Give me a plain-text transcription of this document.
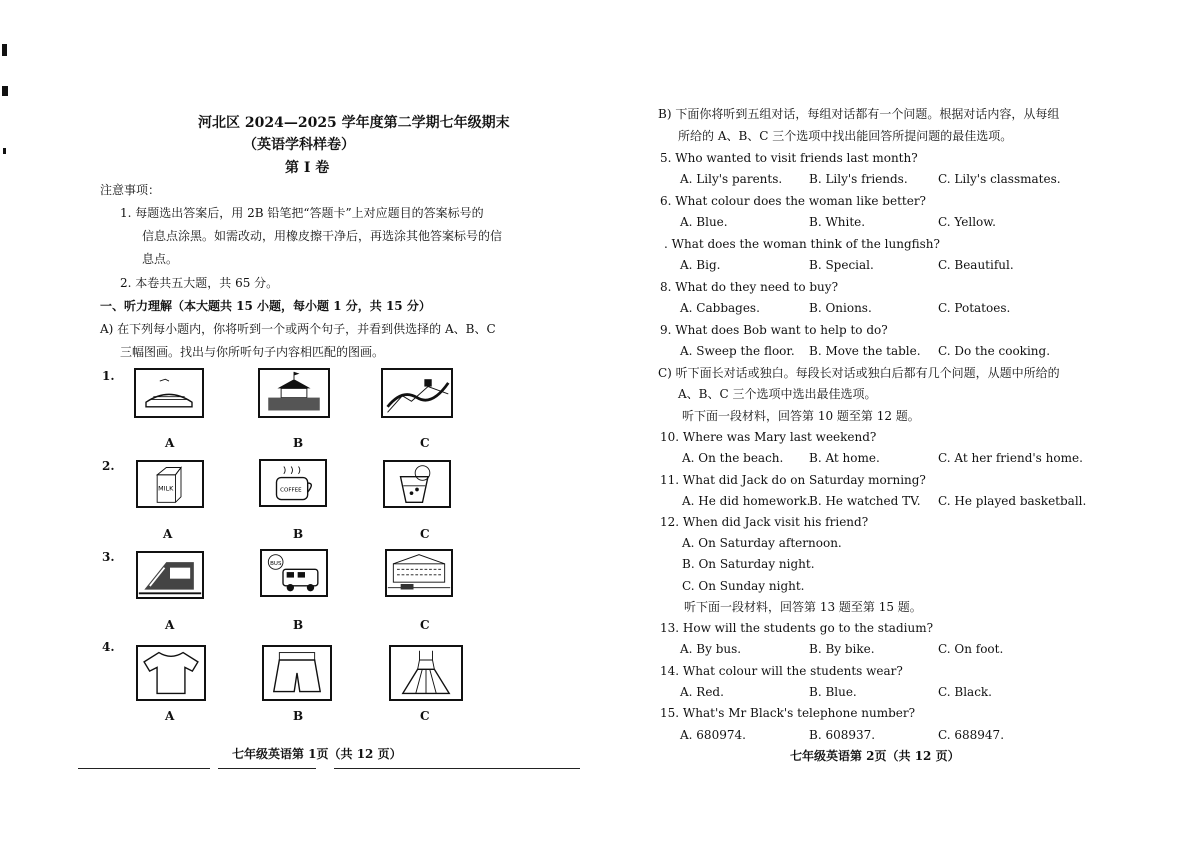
河北区 2024—2025 学年度第二学期七年级期末
（英语学科样卷）
第 I 卷
注意事项：
1. 每题选出答案后，用 2B 铅笔把“答题卡”上对应题目的答案标号的
信息点涂黑。如需改动，用橡皮擦干净后，再选涂其他答案标号的信
息点。
2. 本卷共五大题，共 65 分。
一、听力理解（本大题共 15 小题，每小题 1 分，共 15 分）
A) 在下列每小题内，你将听到一个或两个句子，并看到供选择的 A、B、C
三幅图画。找出与你所听句子内容相匹配的图画。
1.
A	B	C
2.
MILK	COFFEE
A	B	C
3.	BUS
A	B	C
4.
A	B	C
七年级英语第 1页（共 12 页）
B) 下面你将听到五组对话，每组对话都有一个问题。根据对话内容，从每组
所给的 A、B、C 三个选项中找出能回答所提问题的最佳选项。
5. Who wanted to visit friends last month?
A. Lily's parents. B. Lily's friends.	C. Lily's classmates.
6. What colour does the woman like better?
A. Blue.	B. White.	C. Yellow.
. What does the woman think of the lungfish?
A. Big.	B. Special.	C. Beautiful.
8. What do they need to buy?
A. Cabbages.	B. Onions.	C. Potatoes.
9. What does Bob want to help to do?
A. Sweep the floor. B. Move the table. C. Do the cooking.
C) 听下面长对话或独白。每段长对话或独白后都有几个问题，从题中所给的
A、B、C 三个选项中选出最佳选项。
听下面一段材料，回答第 10 题至第 12 题。
10. Where was Mary last weekend?
A. On the beach. B. At home.	C. At her friend's home.
11. What did Jack do on Saturday morning?
A. He did homework.
B. He watched TV. C. He played basketball.
12. When did Jack visit his friend?
A. On Saturday afternoon.
B. On Saturday night.
C. On Sunday night.
听下面一段材料，回答第 13 题至第 15 题。
13. How will the students go to the stadium?
A. By bus.	B. By bike.	C. On foot.
14. What colour will the students wear?
A. Red.	B. Blue.	C. Black.
15. What's Mr Black's telephone number?
A. 680974.	B. 608937.	C. 688947.
七年级英语第 2页（共 12 页）
